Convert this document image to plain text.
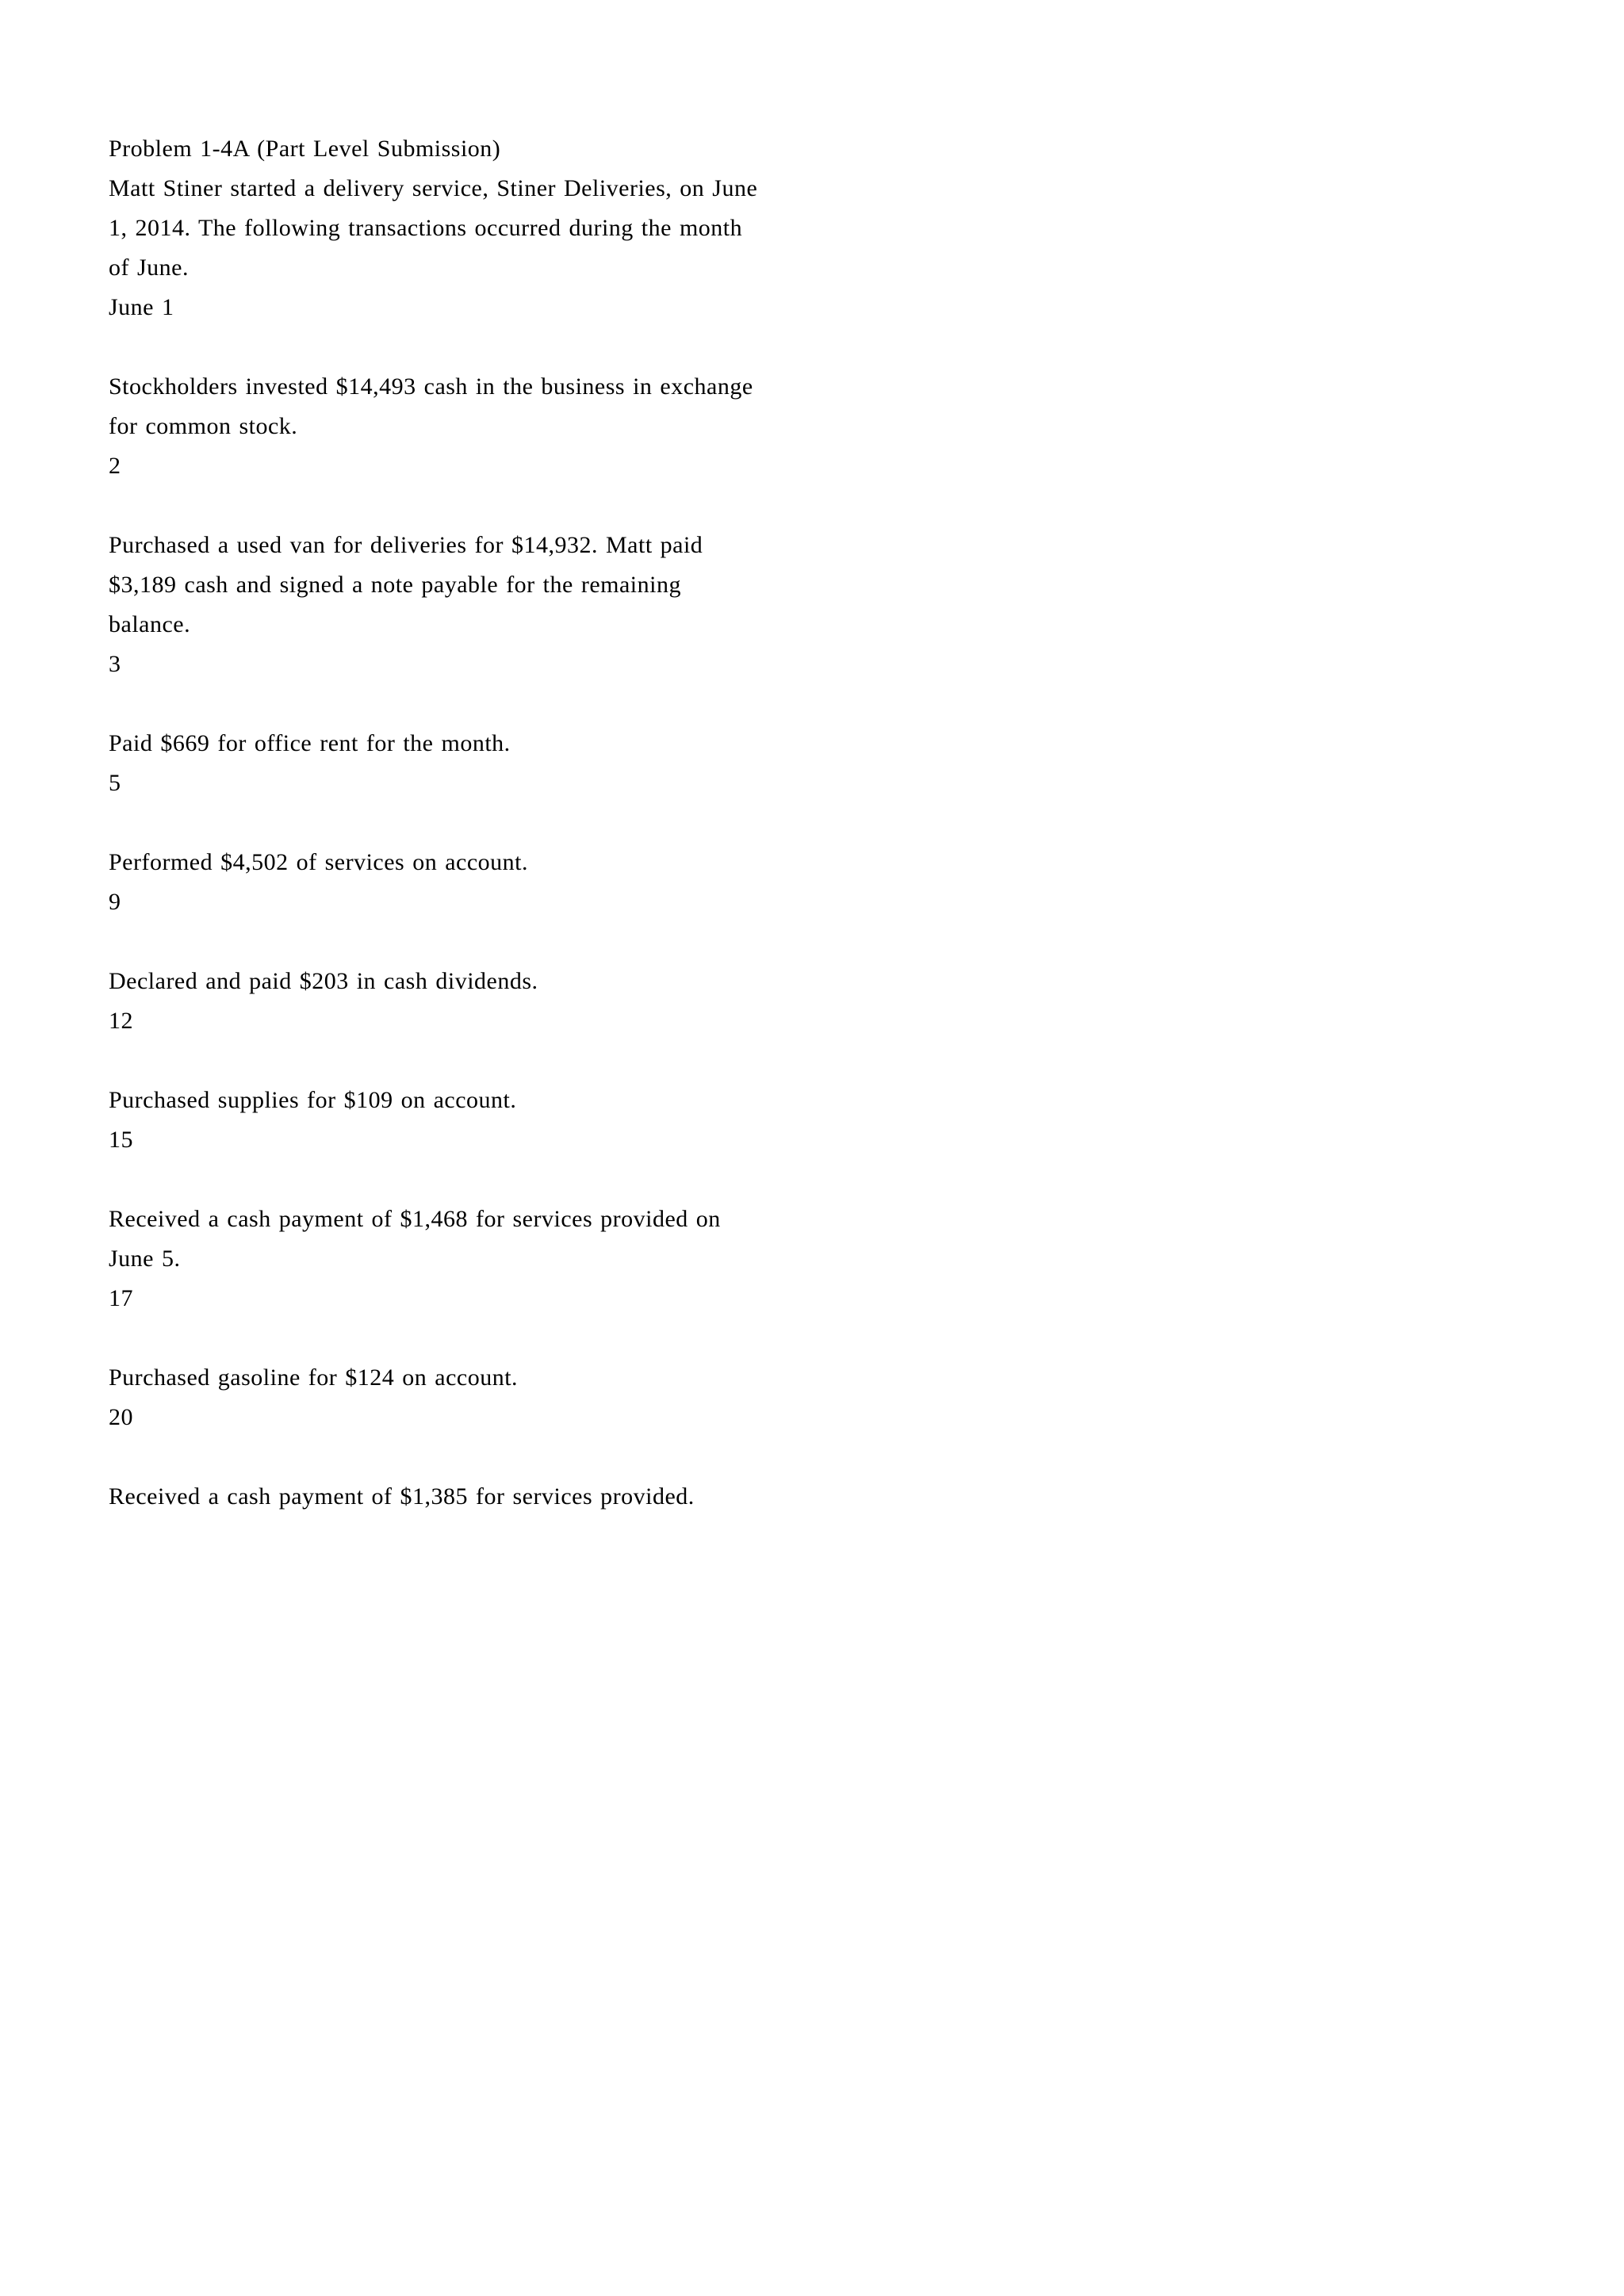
Problem 1-4A (Part Level Submission)
Matt Stiner started a delivery service, Stiner Deliveries, on June
1, 2014. The following transactions occurred during the month
of June.
June 1
Stockholders invested $14,493 cash in the business in exchange
for common stock.
2
Purchased a used van for deliveries for $14,932. Matt paid
$3,189 cash and signed a note payable for the remaining
balance.
3
Paid $669 for office rent for the month.
5
Performed $4,502 of services on account.
9
Declared and paid $203 in cash dividends.
12
Purchased supplies for $109 on account.
15
Received a cash payment of $1,468 for services provided on
June 5.
17
Purchased gasoline for $124 on account.
20
Received a cash payment of $1,385 for services provided.
